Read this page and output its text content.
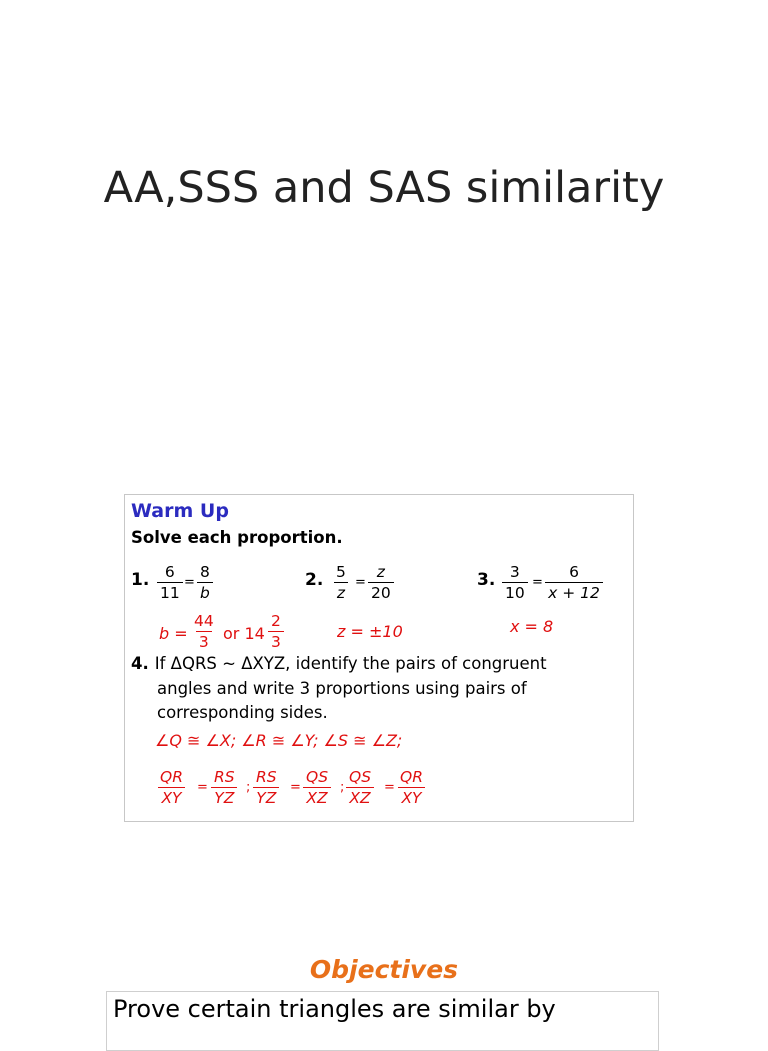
AA,SSS and SAS similarity
Warm Up
Solve each proportion.
1. $\frac{6}{11} = \frac{8}{b}$
$b = \frac{44}{3}$ or $14 \frac{2}{3}$
2. $\frac{5}{z} = \frac{z}{20}$
z = ±10
3. $\frac{3}{10} = \frac{6}{x + 12}$
x = 8
4. If ΔQRS ~ ΔXYZ, identify the pairs of congruent
angles and write 3 proportions using pairs of
corresponding sides.
∠Q ≅ ∠X; ∠R ≅ ∠Y; ∠S ≅ ∠Z;
$\frac{QR}{XY} = \frac{RS}{YZ}$ ; $\frac{RS}{YZ} = \frac{QS}{XZ}$ ; $\frac{QS}{XZ} = \frac{QR}{XY}$
Objectives
Prove certain triangles are similar by
